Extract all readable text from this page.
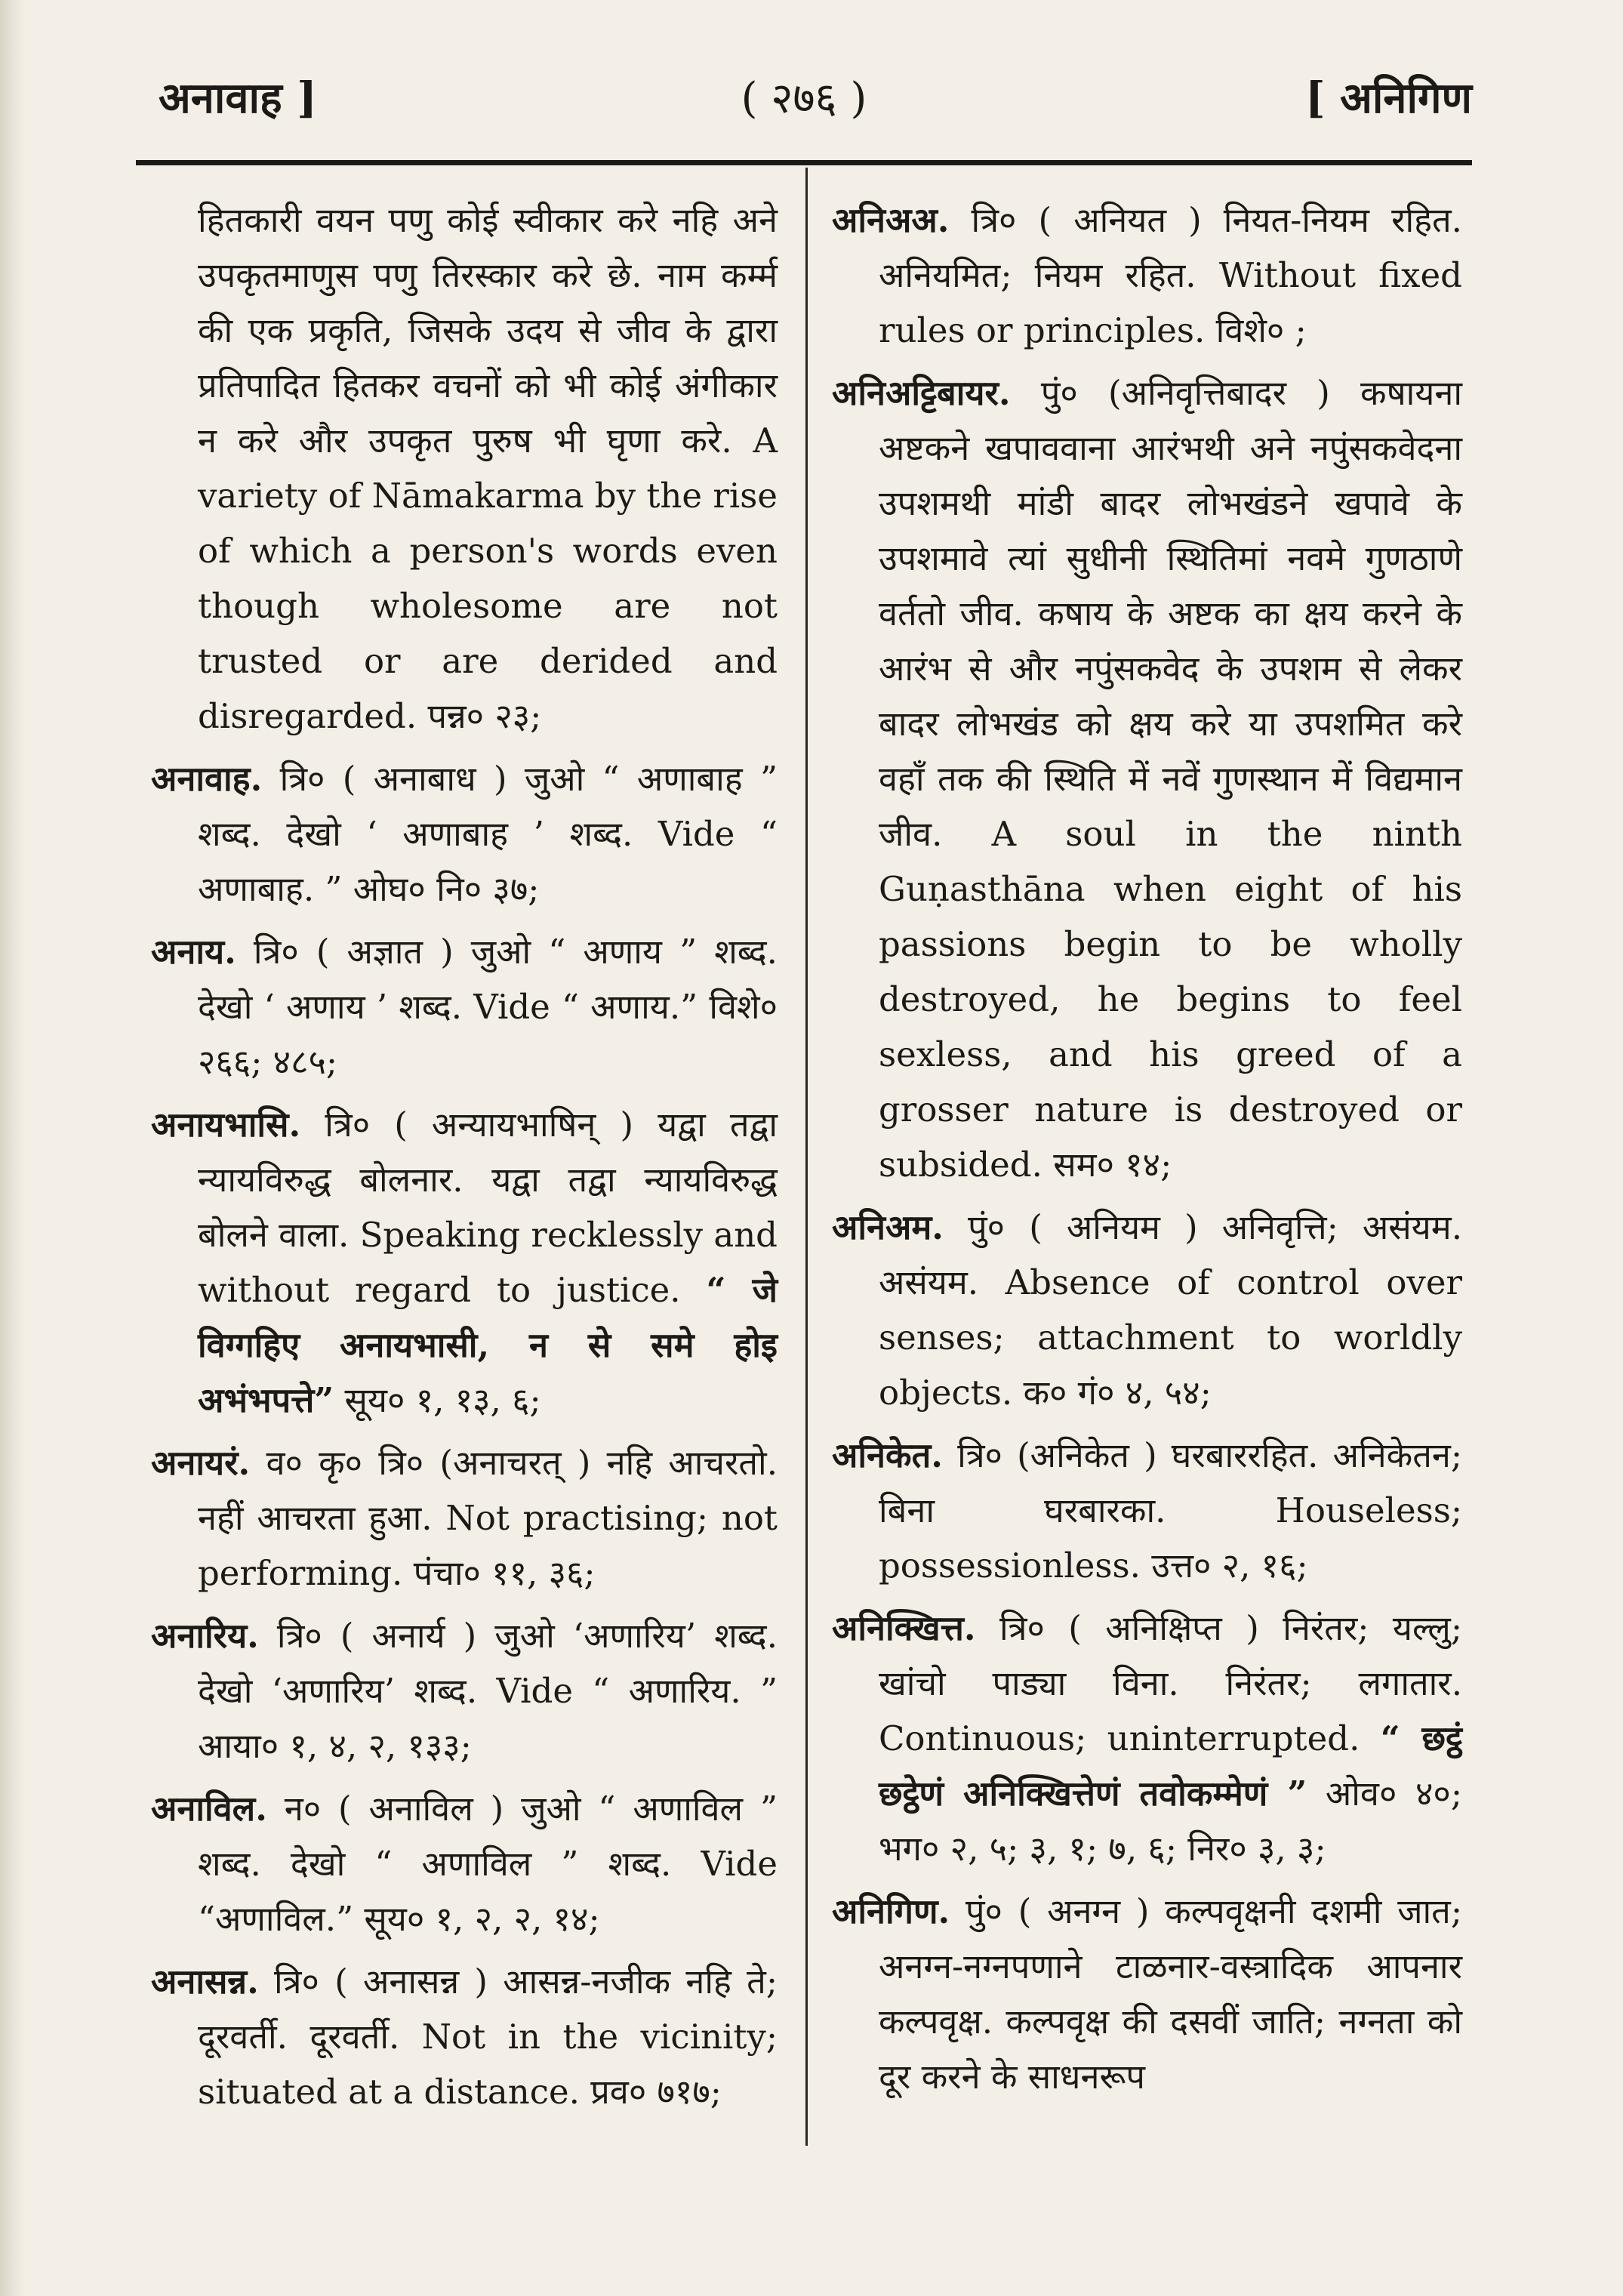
अनावाह ]	( २७६ )	[ अनिगिण

हितकारी वयन पणु कोई स्वीकार करे नहि अने उपकृतमाणुस पणु तिरस्कार करे छे. नाम कर्म्म की एक प्रकृति, जिसके उदय से जीव के द्वारा प्रतिपादित हितकर वचनों को भी कोई अंगीकार न करे और उपकृत पुरुष भी घृणा करे. A variety of Nāmakarma by the rise of which a person's words even though wholesome are not trusted or are derided and disregarded. पन्न० २३;

अनावाह. त्रि० ( अनाबाध ) जुओ “ अणाबाह ” शब्द. देखो ‘ अणाबाह ’ शब्द. Vide “ अणाबाह. ” ओघ० नि० ३७;

अनाय. त्रि० ( अज्ञात ) जुओ “ अणाय ” शब्द. देखो ‘ अणाय ’ शब्द. Vide “ अणाय.” विशे० २६६; ४८५;

अनायभासि. त्रि० ( अन्यायभाषिन् ) यद्वा तद्वा न्यायविरुद्ध बोलनार. यद्वा तद्वा न्यायविरुद्ध बोलने वाला. Speaking recklessly and without regard to justice. “ जे विग्गहिए अनायभासी, न से समे होइ अभंभपत्ते” सूय० १, १३, ६;

अनायरं. व० कृ० त्रि० (अनाचरत् ) नहि आचरतो. नहीं आचरता हुआ. Not practising; not performing. पंचा० ११, ३६;

अनारिय. त्रि० ( अनार्य ) जुओ ‘अणारिय’ शब्द. देखो ‘अणारिय’ शब्द. Vide “ अणारिय. ” आया० १, ४, २, १३३;

अनाविल. न० ( अनाविल ) जुओ “ अणाविल ” शब्द. देखो “ अणाविल ” शब्द. Vide “अणाविल.” सूय० १, २, २, १४;

अनासन्न. त्रि० ( अनासन्न ) आसन्न-नजीक नहि ते; दूरवर्ती. दूरवर्ती. Not in the vicinity; situated at a distance. प्रव० ७१७;

अनिअअ. त्रि० ( अनियत ) नियत-नियम रहित. अनियमित; नियम रहित. Without fixed rules or principles. विशे० ;

अनिअट्टिबायर. पुं० (अनिवृत्तिबादर ) कषायना अष्टकने खपाववाना आरंभथी अने नपुंसकवेदना उपशमथी मांडी बादर लोभखंडने खपावे के उपशमावे त्यां सुधीनी स्थितिमां नवमे गुणठाणे वर्ततो जीव. कषाय के अष्टक का क्षय करने के आरंभ से और नपुंसकवेद के उपशम से लेकर बादर लोभखंड को क्षय करे या उपशमित करे वहाँ तक की स्थिति में नवें गुणस्थान में विद्यमान जीव. A soul in the ninth Guṇasthāna when eight of his passions begin to be wholly destroyed, he begins to feel sexless, and his greed of a grosser nature is destroyed or subsided. सम० १४;

अनिअम. पुं० ( अनियम ) अनिवृत्ति; असंयम. असंयम. Absence of control over senses; attachment to worldly objects. क० गं० ४, ५४;

अनिकेत. त्रि० (अनिकेत ) घरबाररहित. अनिकेतन; बिना घरबारका. Houseless; possessionless. उत्त० २, १६;

अनिक्खित्त. त्रि० ( अनिक्षिप्त ) निरंतर; यल्लु; खांचो पाड्या विना. निरंतर; लगातार. Continuous; uninterrupted. “ छट्ठं छट्ठेणं अनिक्खित्तेणं तवोकम्मेणं ” ओव० ४०; भग० २, ५; ३, १; ७, ६; निर० ३, ३;

अनिगिण. पुं० ( अनग्न ) कल्पवृक्षनी दशमी जात; अनग्न-नग्नपणाने टाळनार-वस्त्रादिक आपनार कल्पवृक्ष. कल्पवृक्ष की दसवीं जाति; नग्नता को दूर करने के साधनरूप
